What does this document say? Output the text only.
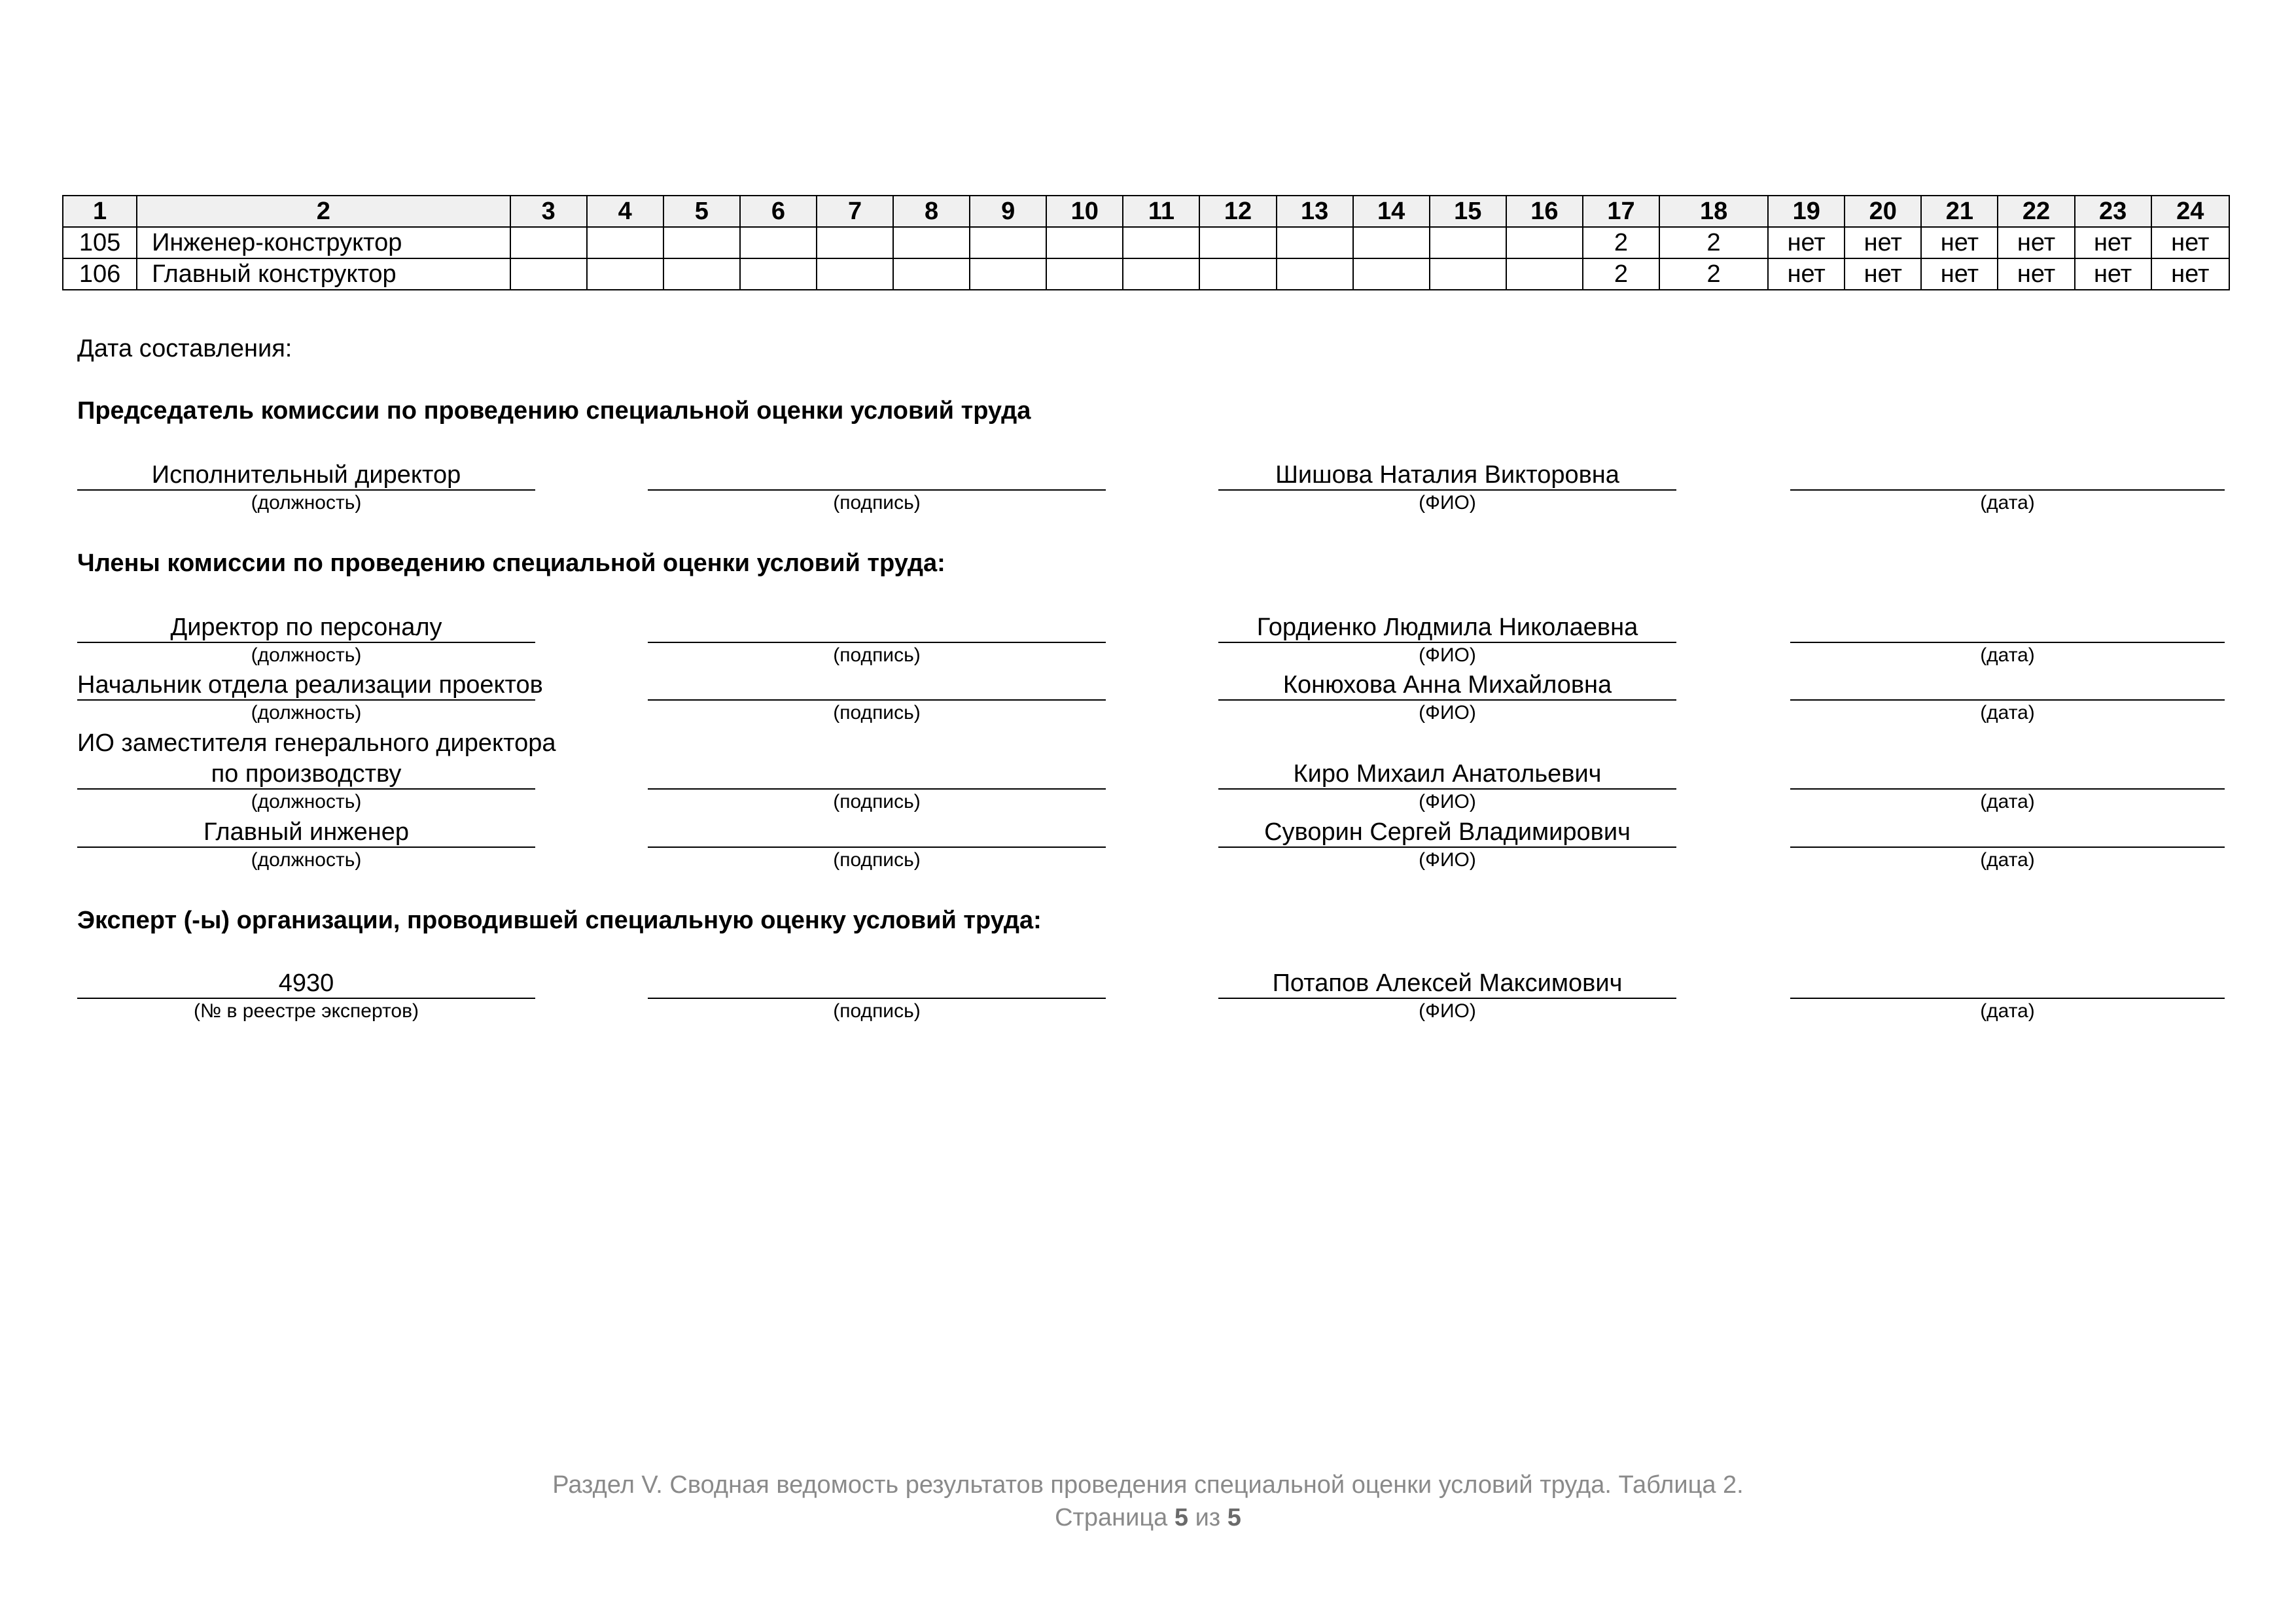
1	2	3	4	5	6	7	8	9	10	11	12	13	14	15	16	17	18	19	20	21	22	23	24
105	Инженер-конструктор															2	2	нет	нет	нет	нет	нет	нет
106	Главный конструктор															2	2	нет	нет	нет	нет	нет	нет
Дата составления:
Председатель комиссии по проведению специальной оценки условий труда
Исполнительный директор
(должность)	(подпись)
Шишова Наталия Викторовна
(ФИО)	(дата)
Члены комиссии по проведению специальной оценки условий труда:
Директор по персоналу
(должность)	(подпись)
Гордиенко Людмила Николаевна
(ФИО)	(дата)
Начальник отдела реализации проектов
(должность)	(подпись)
Конюхова Анна Михайловна
(ФИО)	(дата)
ИО заместителя генерального директора
по производству
(должность)	(подпись)
Киро Михаил Анатольевич
(ФИО)	(дата)
Главный инженер
(должность)	(подпись)
Суворин Сергей Владимирович
(ФИО)	(дата)
Эксперт (-ы) организации, проводившей специальную оценку условий труда:
4930
(№ в реестре экспертов)	(подпись)
Потапов Алексей Максимович
(ФИО)	(дата)
Раздел V. Сводная ведомость результатов проведения специальной оценки условий труда. Таблица 2.
Страница 5 из 5
